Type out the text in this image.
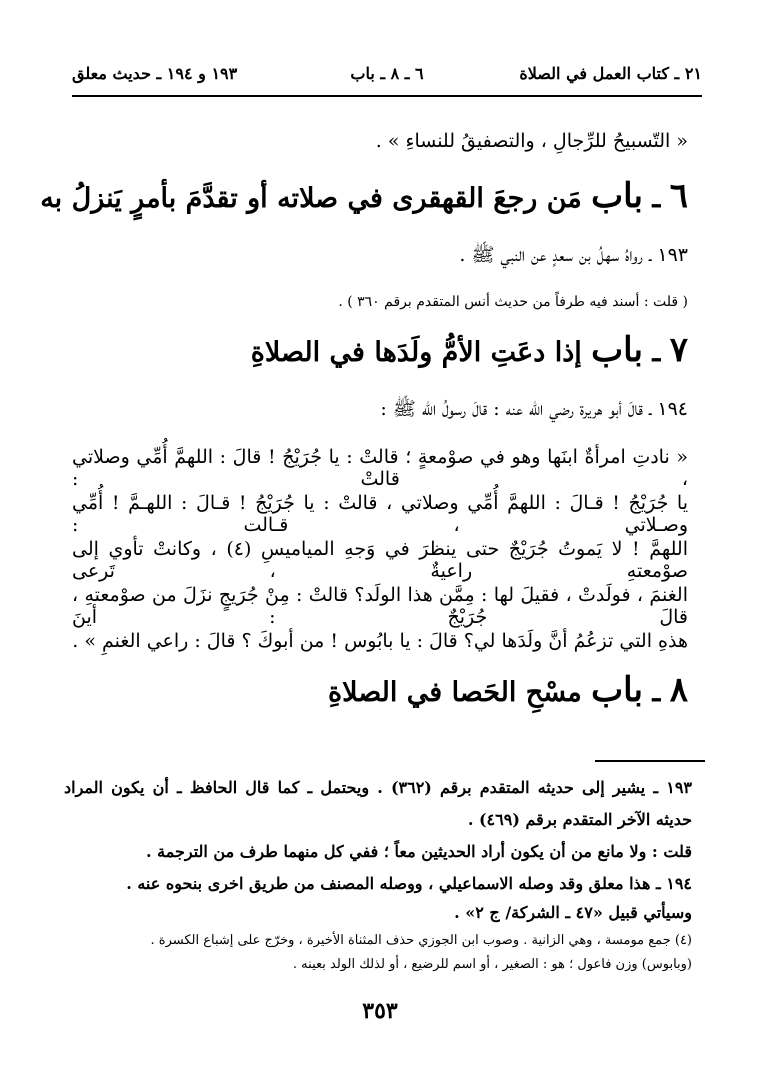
٢١ ـ كتاب العمل في الصلاة
٦ ـ ٨ ـ باب
١٩٣ و ١٩٤ ـ حديث معلق
« التّسبيحُ للرِّجالِ ، والتصفيقُ للنساءِ » .
٦ ـ باب مَن رجعَ القهقرى في صلاته أو تقدَّمَ بأمرٍ يَنزلُ به
١٩٣ ـ رواهُ سهلُ بن سعدٍ عن النبي ﷺ .
( قلت : أسند فيه طرفاً من حديث أنس المتقدم برقم ٣٦٠ ) .
٧ ـ باب إذا دعَتِ الأمُّ ولَدَها في الصلاةِ
١٩٤ ـ قالَ أبو هريرة رضي الله عنه : قالَ رسولُ الله ﷺ :
« نادتِ امرأةٌ ابنَها وهو في صوْمعةٍ ؛ قالتْ : يا جُرَيْجُ ! قالَ : اللهمَّ أُمِّي وصلاتي ، قالتْ :
يا جُرَيْجُ ! قـالَ : اللهمَّ أُمِّي وصلاتي ، قالتْ : يا جُرَيْجُ ! قـالَ : اللهـمَّ ! أُمِّي وصـلاتي ، قـالت :
اللهمَّ ! لا يَموتُ جُرَيْجٌ حتى ينظرَ في وَجهِ المياميسِ (٤) ، وكانتْ تأوي إلى صوْمعتهِ راعيةٌ ، تَرعى
الغنمَ ، فولَدتْ ، فقيلَ لها : مِمَّن هذا الولَد؟ قالتْ : مِنْ جُرَيجٍ نزَلَ من صوْمعتهِ ، قالَ جُرَيْجٌ : أينَ
هذهِ التي تزعُمُ أنَّ ولَدَها لي؟ قالَ : يا بابُوس ! من أبوكَ ؟ قالَ : راعي الغنمِ » .
٨ ـ باب مسْحِ الحَصا في الصلاةِ
١٩٣ ـ يشير إلى حديثه المتقدم برقم (٣٦٢) . ويحتمل ـ كما قال الحافظ ـ أن يكون المراد
حديثه الآخر المتقدم برقم (٤٦٩) .
قلت : ولا مانع من أن يكون أراد الحديثين معاً ؛ ففي كل منهما طرف من الترجمة .
١٩٤ ـ هذا معلق وقد وصله الاسماعيلي ، ووصله المصنف من طريق اخرى بنحوه عنه .
وسيأتي قبيل «٤٧ ـ الشركة/ ج ٢» .
(٤) جمع مومسة ، وهي الزانية . وصوب ابن الجوزي حذف المثناة الأخيرة ، وخرّج على إشباع الكسرة .
(وبابوس) وزن فاعول ؛ هو : الصغير ، أو اسم للرضيع ، أو لذلك الولد بعينه .
٣٥٣
